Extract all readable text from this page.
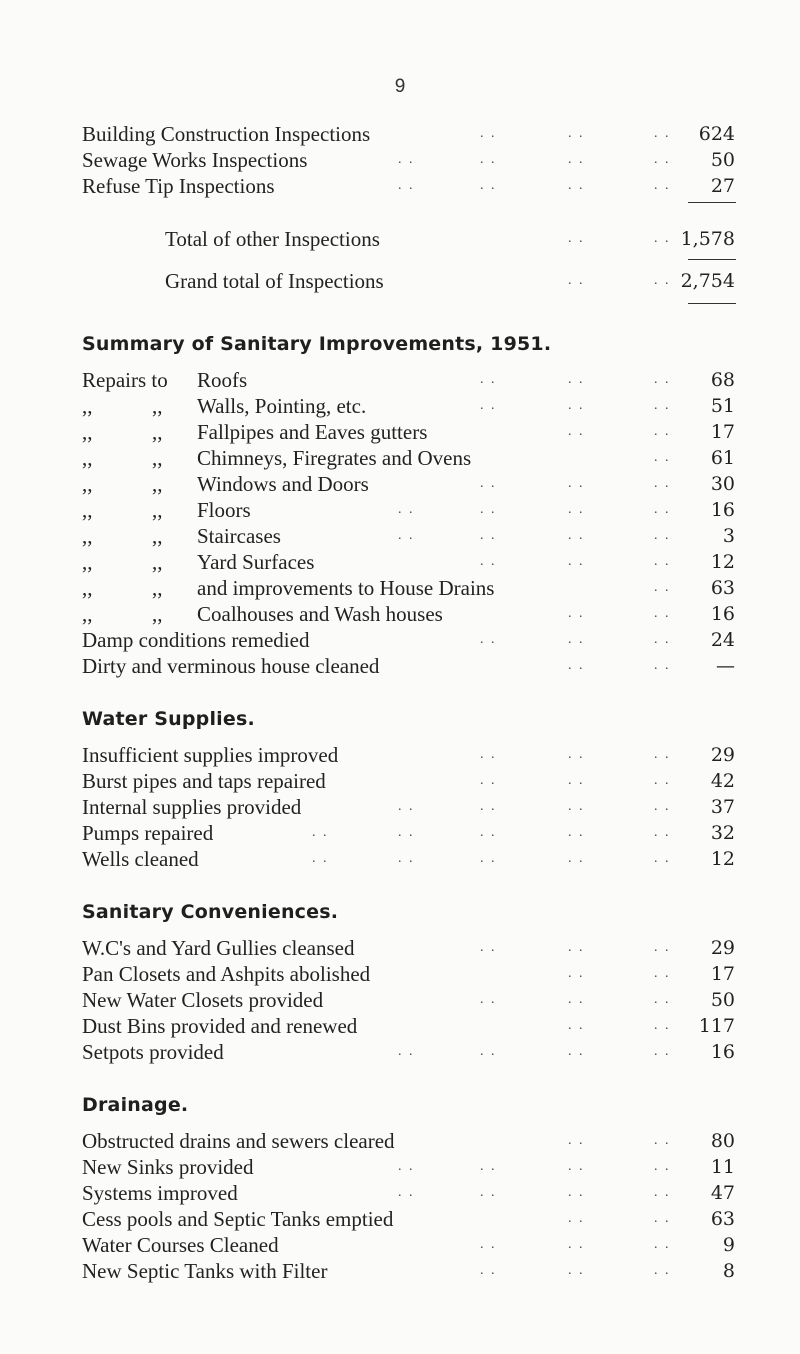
9
Building Construction Inspections	. .	. .	. . 624
Sewage Works Inspections	. .	. .	. .	. . 50
Refuse Tip Inspections	. .	. .	. .	. . 27
Total of other Inspections	. .	. . 1,578
Grand total of Inspections	. .	. . 2,754
Summary of Sanitary Improvements, 1951.
Repairs to Roofs	. .	. .	. . 68
,,	,, Walls, Pointing, etc.	. .	. .	. . 51
,,	,, Fallpipes and Eaves gutters	. .	. . 17
,,	,, Chimneys, Firegrates and Ovens	. . 61
,,	,, Windows and Doors	. .	. .	. . 30
,,	,, Floors	. .	. .	. .	. . 16
,,	,, Staircases	. .	. .	. .	. .	3
,,	,, Yard Surfaces	. .	. .	. . 12
,,	,, and improvements to House Drains	. . 63
,,	,, Coalhouses and Wash houses	. .	. . 16
Damp conditions remedied	. .	. .	. . 24
Dirty and verminous house cleaned	. .	. . —
Water Supplies.
Insufficient supplies improved	. .	. .	. . 29
Burst pipes and taps repaired	. .	. .	. . 42
Internal supplies provided	. .	. .	. .	. . 37
Pumps repaired	. .	. .	. .	. .	. . 32
Wells cleaned	. .	. .	. .	. .	. . 12
Sanitary Conveniences.
W.C's and Yard Gullies cleansed	. .	. .	. . 29
Pan Closets and Ashpits abolished	. .	. . 17
New Water Closets provided	. .	. .	. . 50
Dust Bins provided and renewed	. .	. . 117
Setpots provided	. .	. .	. .	. . 16
Drainage.
Obstructed drains and sewers cleared	. .	. . 80
New Sinks provided	. .	. .	. .	. . 11
Systems improved	. .	. .	. .	. . 47
Cess pools and Septic Tanks emptied	. .	. . 63
Water Courses Cleaned	. .	. .	. .	9
New Septic Tanks with Filter	. .	. .	. .	8
